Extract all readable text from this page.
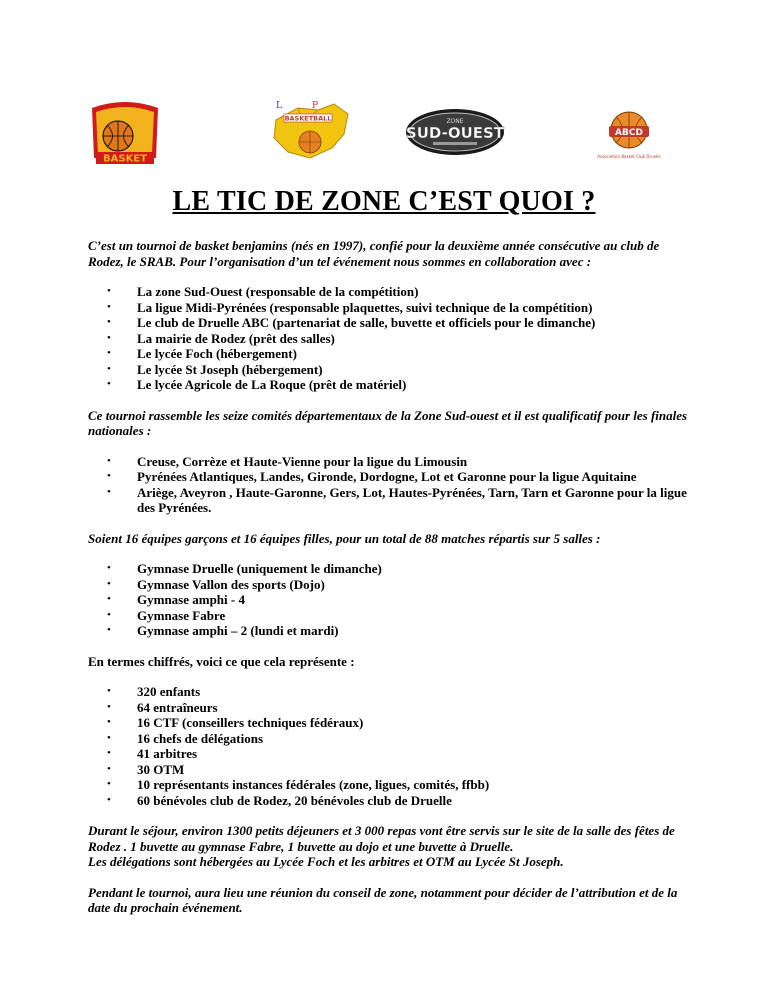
BASKET
L	P
BASKETBALL	ZONE
SUD-OUEST	ABCD
Association Basket Club Druelle
LE TIC DE ZONE C’EST QUOI ?

C’est un tournoi de basket benjamins (nés en 1997), confié pour la deuxième année consécutive au club de Rodez, le SRAB. Pour l’organisation d’un tel événement nous sommes en collaboration avec :

• La zone Sud-Ouest (responsable de la compétition)
• La ligue Midi-Pyrénées (responsable plaquettes, suivi technique de la compétition)
• Le club de Druelle ABC (partenariat de salle, buvette et officiels pour le dimanche)
• La mairie de Rodez (prêt des salles)
• Le lycée Foch (hébergement)
• Le lycée St Joseph (hébergement)
• Le lycée Agricole de La Roque (prêt de matériel)

Ce tournoi rassemble les seize comités départementaux de la Zone Sud-ouest et il est qualificatif pour les finales nationales :

• Creuse, Corrèze et Haute-Vienne pour la ligue du Limousin
• Pyrénées Atlantiques, Landes, Gironde, Dordogne, Lot et Garonne pour la ligue Aquitaine
• Ariège, Aveyron , Haute-Garonne, Gers, Lot, Hautes-Pyrénées, Tarn, Tarn et Garonne pour la ligue des Pyrénées.

Soient 16 équipes garçons et 16 équipes filles, pour un total de 88 matches répartis sur 5 salles :

• Gymnase Druelle (uniquement le dimanche)
• Gymnase Vallon des sports (Dojo)
• Gymnase amphi - 4
• Gymnase Fabre
• Gymnase amphi – 2 (lundi et mardi)

En termes chiffrés, voici ce que cela représente :

• 320 enfants
• 64 entraîneurs
• 16 CTF (conseillers techniques fédéraux)
• 16 chefs de délégations
• 41 arbitres
• 30 OTM
• 10 représentants instances fédérales (zone, ligues, comités, ffbb)
• 60 bénévoles club de Rodez, 20 bénévoles club de Druelle

Durant le séjour, environ 1300 petits déjeuners et 3 000 repas vont être servis sur le site de la salle des fêtes de Rodez . 1 buvette au gymnase Fabre, 1 buvette au dojo et une buvette à Druelle.

Les délégations sont hébergées au Lycée Foch et les arbitres et OTM au Lycée St Joseph.

Pendant le tournoi, aura lieu une réunion du conseil de zone, notamment pour décider de l’attribution et de la date du prochain événement.
